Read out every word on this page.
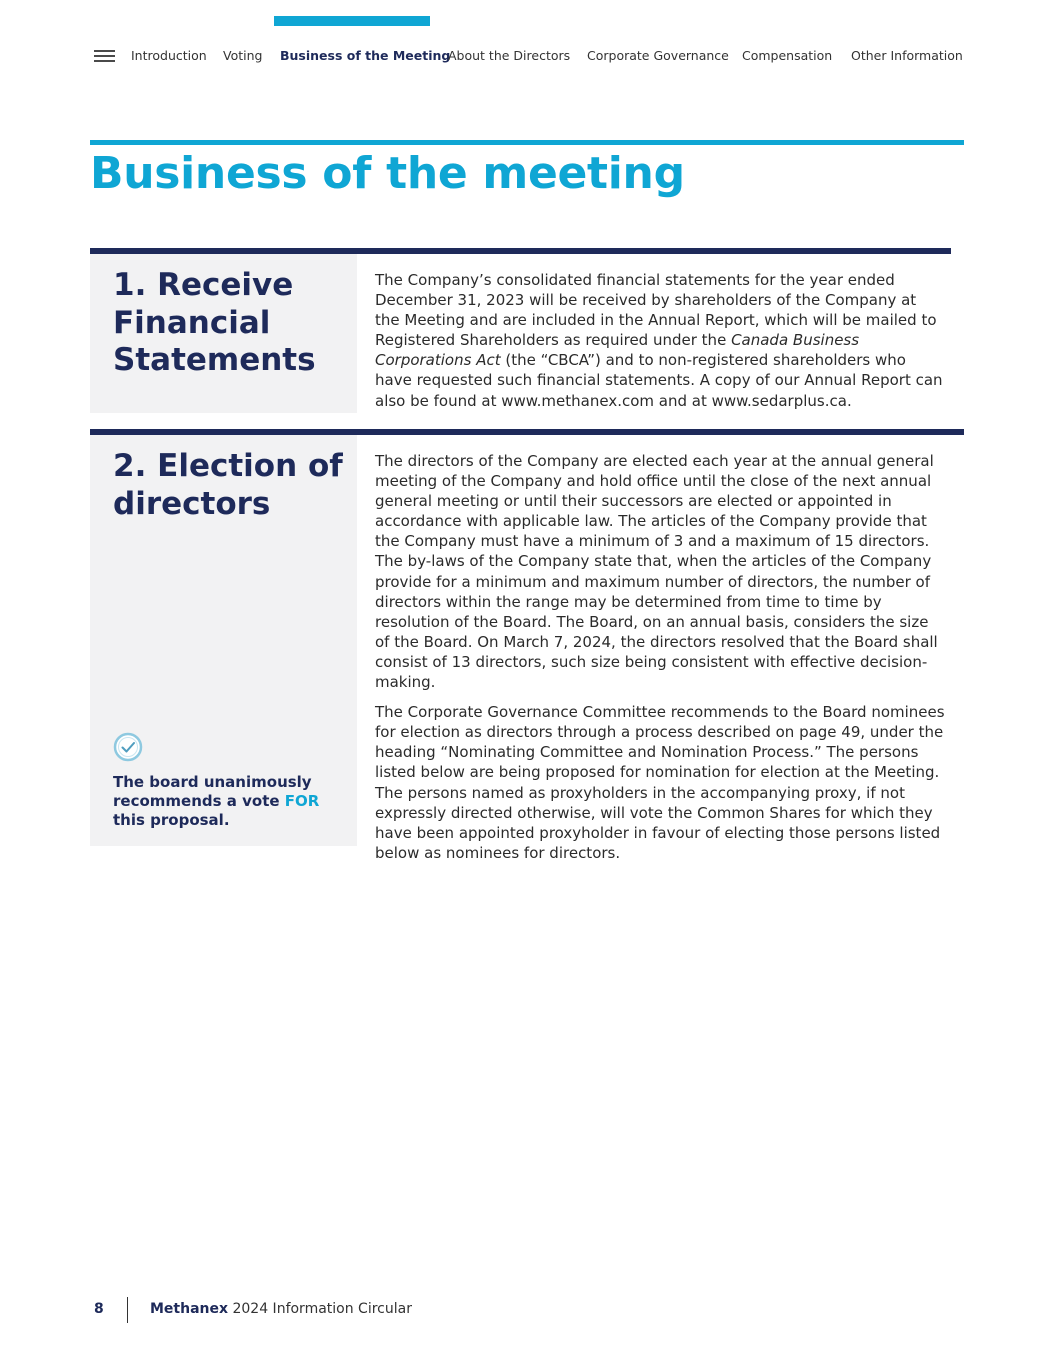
Introduction Voting Business of the Meeting
About the Directors Corporate Governance Compensation Other Information
Business of the meeting
1. Receive Financial Statements

The Company’s consolidated financial statements for the year ended December 31, 2023 will be received by shareholders of the Company at the Meeting and are included in the Annual Report, which will be mailed to Registered Shareholders as required under the Canada Business Corporations Act (the “CBCA”) and to non-registered shareholders who have requested such financial statements. A copy of our Annual Report can also be found at www.methanex.com and at www.sedarplus.ca.

2. Election of directors

The directors of the Company are elected each year at the annual general meeting of the Company and hold office until the close of the next annual general meeting or until their successors are elected or appointed in accordance with applicable law. The articles of the Company provide that the Company must have a minimum of 3 and a maximum of 15 directors. The by-laws of the Company state that, when the articles of the Company provide for a minimum and maximum number of directors, the number of directors within the range may be determined from time to time by resolution of the Board. The Board, on an annual basis, considers the size of the Board. On March 7, 2024, the directors resolved that the Board shall consist of 13 directors, such size being consistent with effective decision-making.

The Corporate Governance Committee recommends to the Board nominees for election as directors through a process described on page 49, under the heading “Nominating Committee and Nomination Process.” The persons listed below are being proposed for nomination for election at the Meeting. The persons named as proxyholders in the accompanying proxy, if not expressly directed otherwise, will vote the Common Shares for which they have been appointed proxyholder in favour of electing those persons listed below as nominees for directors.

The board unanimously recommends a vote FOR this proposal.
8	Methanex 2024 Information Circular
